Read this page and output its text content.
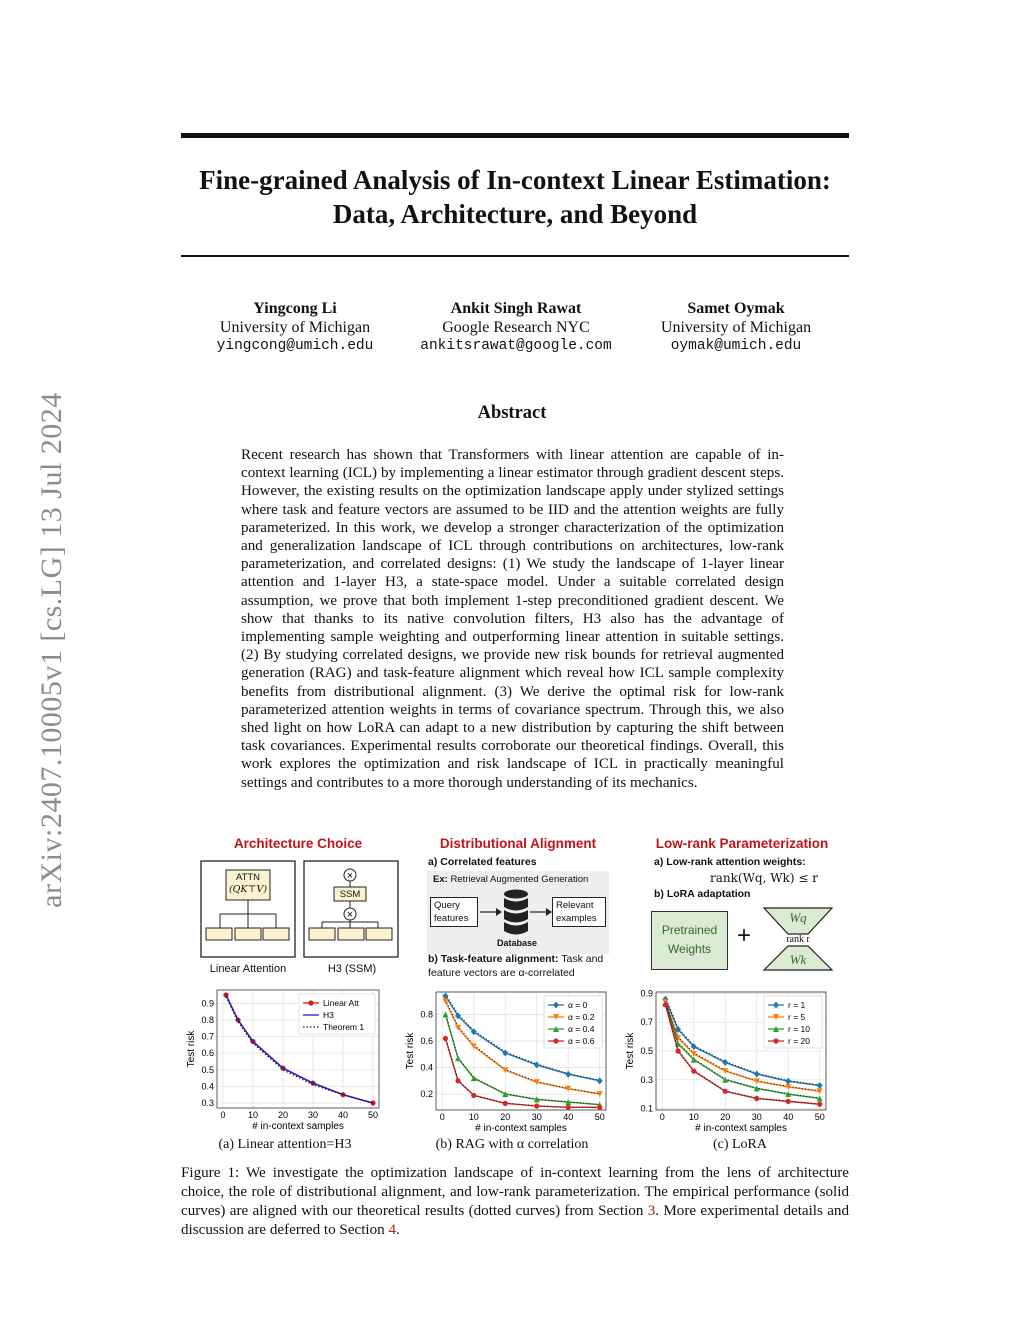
arXiv:2407.10005v1 [cs.LG] 13 Jul 2024
Fine-grained Analysis of In-context Linear Estimation:
Data, Architecture, and Beyond
Yingcong Li
University of Michigan
yingcong@umich.edu
Ankit Singh Rawat
Google Research NYC
ankitsrawat@google.com
Samet Oymak
University of Michigan
oymak@umich.edu
Abstract
Recent research has shown that Transformers with linear attention are capable of in-context learning (ICL) by implementing a linear estimator through gradient descent steps. However, the existing results on the optimization landscape apply under stylized settings where task and feature vectors are assumed to be IID and the attention weights are fully parameterized. In this work, we develop a stronger characterization of the optimization and generalization landscape of ICL through contributions on architectures, low-rank parameterization, and correlated designs: (1) We study the landscape of 1-layer linear attention and 1-layer H3, a state-space model. Under a suitable correlated design assumption, we prove that both implement 1-step preconditioned gradient descent. We show that thanks to its native convolution filters, H3 also has the advantage of implementing sample weighting and outperforming linear attention in suitable settings. (2) By studying correlated designs, we provide new risk bounds for retrieval augmented generation (RAG) and task-feature alignment which reveal how ICL sample complexity benefits from distributional alignment. (3) We derive the optimal risk for low-rank parameterized attention weights in terms of covariance spectrum. Through this, we also shed light on how LoRA can adapt to a new distribution by capturing the shift between task covariances. Experimental results corroborate our theoretical findings. Overall, this work explores the optimization and risk landscape of ICL in practically meaningful settings and contributes to a more thorough understanding of its mechanics.
Architecture Choice
×
×
ATTN
(QK⊤V)	SSM
Linear Attention	H3 (SSM)
Distributional Alignment
a) Correlated features
Ex: Retrieval Augmented Generation
Query
features
Relevant
examples
Database
b) Task-feature alignment: Task and
feature vectors are α-correlated
Low-rank Parameterization
a) Low-rank attention weights:
rank(Wq, Wk) ≤ r
b) LoRA adaptation
Pretrained
Weights	+
Wq
rank r
Wk
0 10 20 30 40 50
0.3
0.4
0.5
0.6
0.7
0.8
0.9
# in-context samples
Test risk
Linear Att
H3
Theorem 1
0	10 20 30 40 50
0.2
0.4
0.6
0.8
# in-context samples
Test risk
α = 0
α = 0.2
α = 0.4
α = 0.6
0	10 20 30 40 50
0.1
0.3
0.5
0.7
0.9
# in-context samples
Test risk
r = 1
r = 5
r = 10
r = 20
(a) Linear attention=H3	(b) RAG with α correlation	(c) LoRA
Figure 1: We investigate the optimization landscape of in-context learning from the lens of architecture choice, the role of distributional alignment, and low-rank parameterization. The empirical performance (solid curves) are aligned with our theoretical results (dotted curves) from Section 3. More experimental details and discussion are deferred to Section 4.
